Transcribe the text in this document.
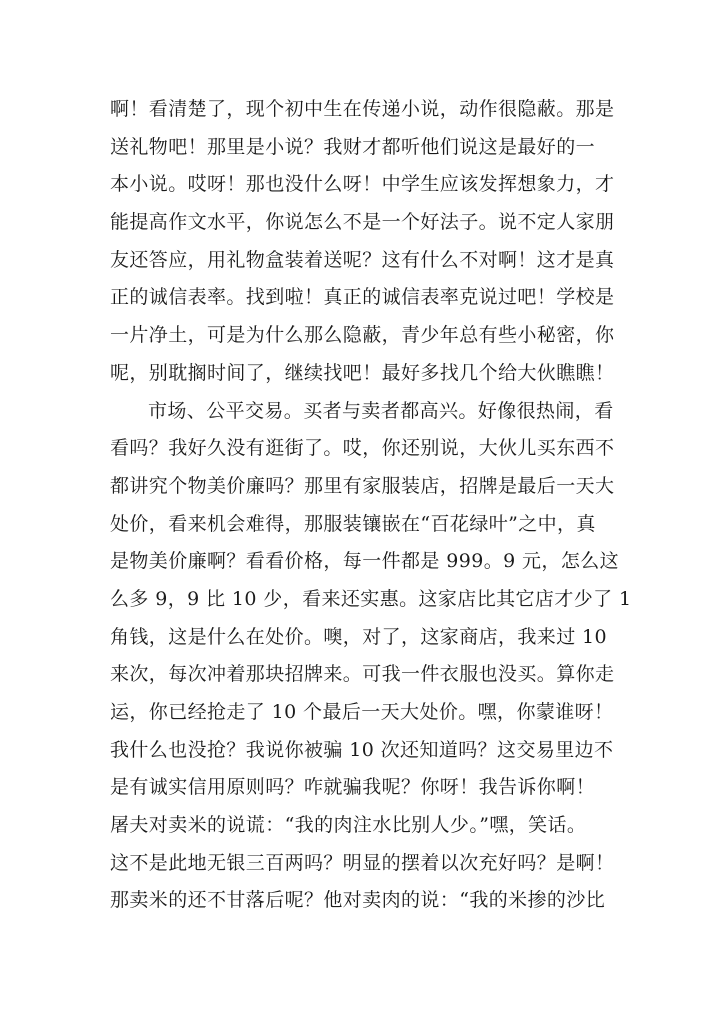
啊！看清楚了，现个初中生在传递小说，动作很隐蔽。那是
送礼物吧！那里是小说？我财才都听他们说这是最好的一
本小说。哎呀！那也没什么呀！中学生应该发挥想象力，才
能提高作文水平，你说怎么不是一个好法子。说不定人家朋
友还答应，用礼物盒装着送呢？这有什么不对啊！这才是真
正的诚信表率。找到啦！真正的诚信表率克说过吧！学校是
一片净土，可是为什么那么隐蔽，青少年总有些小秘密，你
呢，别耽搁时间了，继续找吧！最好多找几个给大伙瞧瞧！
市场、公平交易。买者与卖者都高兴。好像很热闹，看
看吗？我好久没有逛街了。哎，你还别说，大伙儿买东西不
都讲究个物美价廉吗？那里有家服装店，招牌是最后一天大
处价，看来机会难得，那服装镶嵌在“百花绿叶”之中，真
是物美价廉啊？看看价格，每一件都是 999。9 元，怎么这
么多 9，9 比 10 少，看来还实惠。这家店比其它店才少了 1
角钱，这是什么在处价。噢，对了，这家商店，我来过 10
来次，每次冲着那块招牌来。可我一件衣服也没买。算你走
运，你已经抢走了 10 个最后一天大处价。嘿，你蒙谁呀！
我什么也没抢？我说你被骗 10 次还知道吗？这交易里边不
是有诚实信用原则吗？咋就骗我呢？你呀！我告诉你啊！
屠夫对卖米的说谎：“我的肉注水比别人少。”嘿，笑话。
这不是此地无银三百两吗？明显的摆着以次充好吗？是啊！
那卖米的还不甘落后呢？他对卖肉的说：“我的米掺的沙比
